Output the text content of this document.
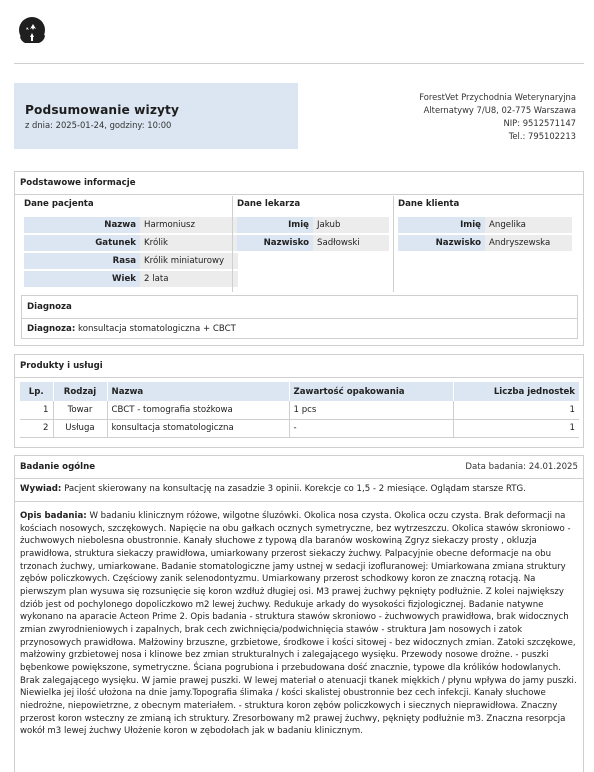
Podsumowanie wizyty
z dnia: 2025-01-24, godziny: 10:00
ForestVet Przychodnia Weterynaryjna
Alternatywy 7/U8, 02-775 Warszawa
NIP: 9512571147
Tel.: 795102213
Podstawowe informacje
Dane pacjenta
Nazwa Harmoniusz
Gatunek Królik
Rasa Królik miniaturowy
Wiek 2 lata
Dane lekarza
Imię Jakub
Nazwisko Sadłowski
Dane klienta
Imię Angelika
Nazwisko Andryszewska
Diagnoza
Diagnoza: konsultacja stomatologiczna + CBCT
Produkty i usługi
Lp.	Rodzaj	Nazwa	Zawartość opakowania	Liczba jednostek
1	Towar	CBCT - tomografia stożkowa	1 pcs	1
2	Usługa	konsultacja stomatologiczna	-	1
Badanie ogólne	Data badania: 24.01.2025
Wywiad: Pacjent skierowany na konsultację na zasadzie 3 opinii. Korekcje co 1,5 - 2 miesiące. Oglądam starsze RTG.
Opis badania: W badaniu klinicznym różowe, wilgotne śluzówki. Okolica nosa czysta. Okolica oczu czysta. Brak deformacji na kościach nosowych, szczękowych. Napięcie na obu gałkach ocznych symetryczne, bez wytrzeszczu. Okolica stawów skroniowo - żuchwowych niebolesna obustronnie. Kanały słuchowe z typową dla baranów woskowiną Zgryz siekaczy prosty , okluzja prawidłowa, struktura siekaczy prawidłowa, umiarkowany przerost siekaczy żuchwy. Palpacyjnie obecne deformacje na obu trzonach żuchwy, umiarkowane. Badanie stomatologiczne jamy ustnej w sedacji izofluranowej: Umiarkowana zmiana struktury zębów policzkowych. Częściowy zanik selenodontyzmu. Umiarkowany przerost schodkowy koron ze znaczną rotacją. Na pierwszym plan wysuwa się rozsunięcie się koron wzdłuż długiej osi. M3 prawej żuchwy pęknięty podłużnie. Z kolei największy dziób jest od pochylonego dopoliczkowo m2 lewej żuchwy. Redukuje arkady do wysokości fizjologicznej. Badanie natywne wykonano na aparacie Acteon Prime 2. Opis badania - struktura stawów skroniowo - żuchwowych prawidłowa, brak widocznych zmian zwyrodnieniowych i zapalnych, brak cech zwichnięcia/podwichnięcia stawów - struktura Jam nosowych i zatok przynosowych prawidłowa. Małżowiny brzuszne, grzbietowe, środkowe i kości sitowej - bez widocznych zmian. Zatoki szczękowe, małżowiny grzbietowej nosa i klinowe bez zmian strukturalnych i zalegającego wysięku. Przewody nosowe drożne. - puszki bębenkowe powiększone, symetryczne. Ściana pogrubiona i przebudowana dość znacznie, typowe dla królików hodowlanych. Brak zalegającego wysięku. W jamie prawej puszki. W lewej materiał o atenuacji tkanek miękkich / płynu wpływa do jamy puszki. Niewielka jej ilość ułożona na dnie jamy.Topografia ślimaka / kości skalistej obustronnie bez cech infekcji. Kanały słuchowe niedrożne, niepowietrzne, z obecnym materiałem. - struktura koron zębów policzkowych i siecznych nieprawidłowa. Znaczny przerost koron wsteczny ze zmianą ich struktury. Zresorbowany m2 prawej żuchwy, pęknięty podłużnie m3. Znaczna resorpcja wokół m3 lewej żuchwy Ułożenie koron w zębodołach jak w badaniu klinicznym.
